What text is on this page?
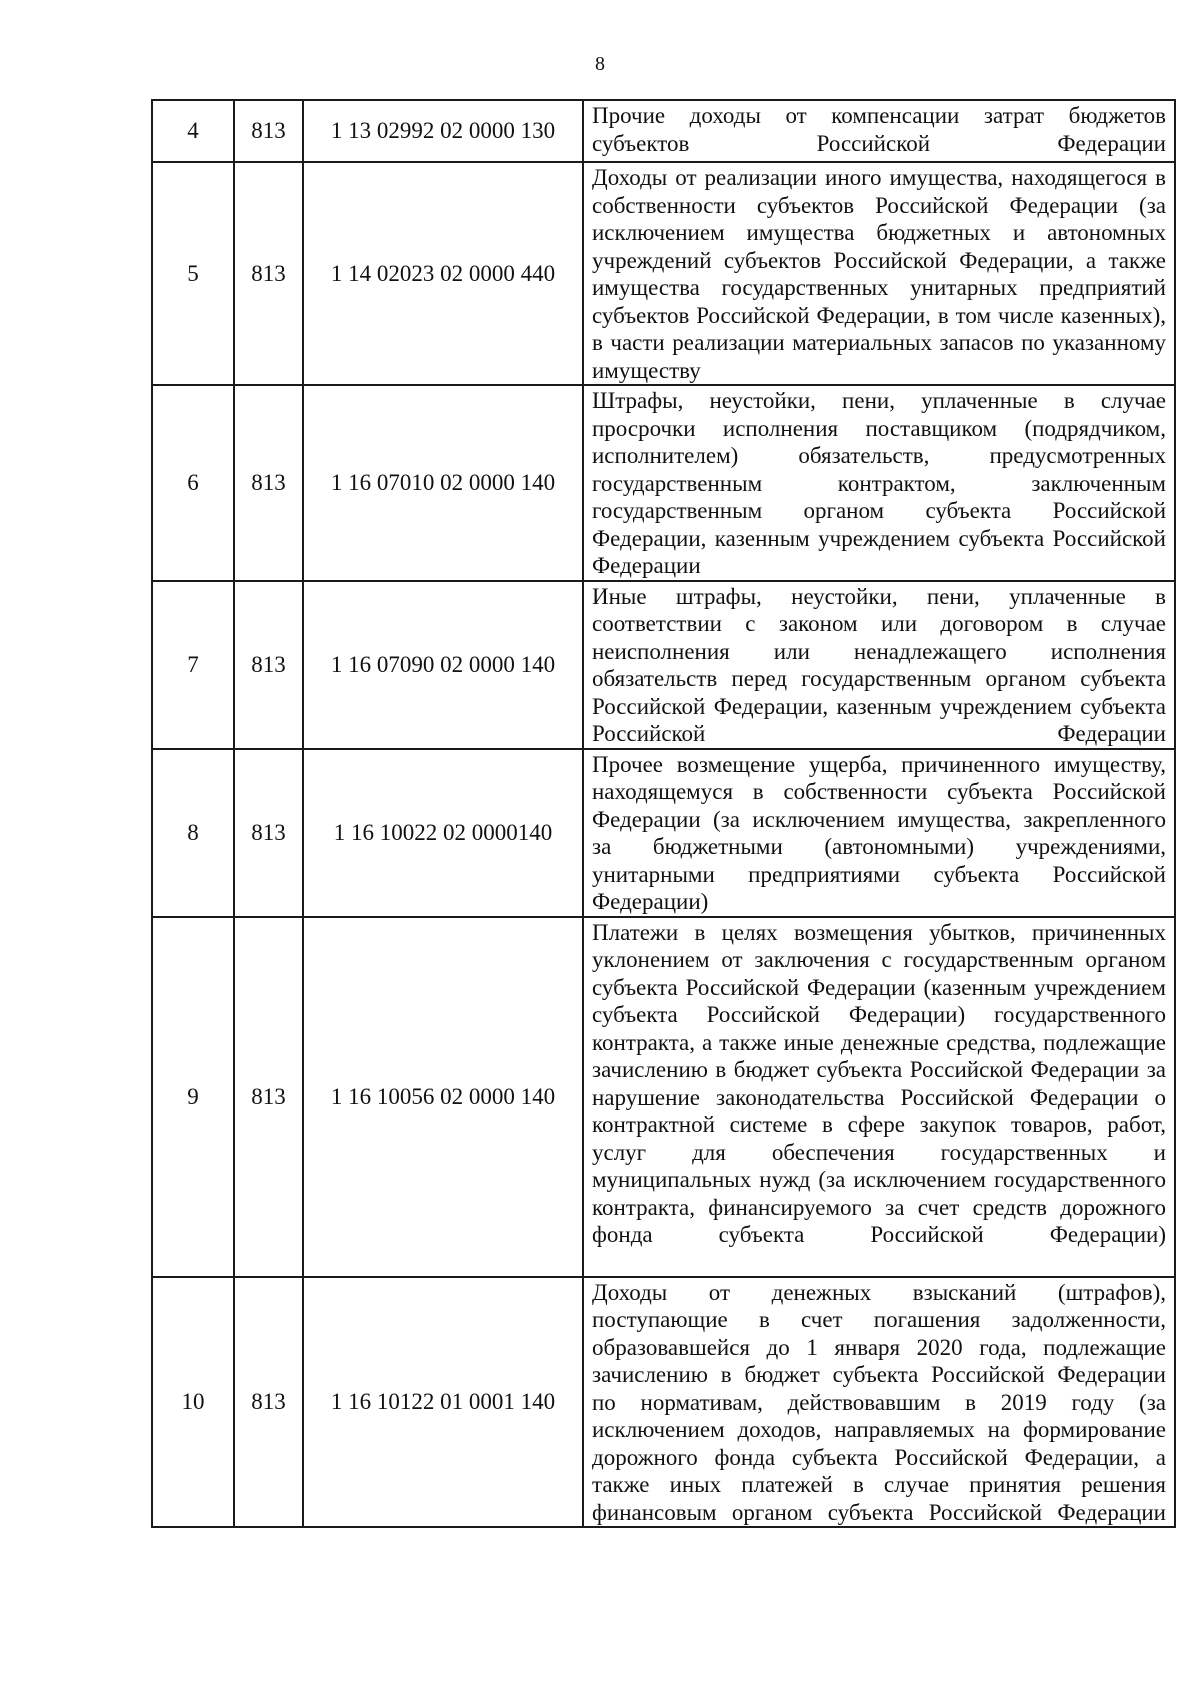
8
4	813	1 13 02992 02 0000 130	Прочие доходы от компенсации затрат бюджетов субъектов Российской Федерации
5	813	1 14 02023 02 0000 440	Доходы от реализации иного имущества, находящегося в собственности субъектов Российской Федерации (за исключением имущества бюджетных и автономных учреждений субъектов Российской Федерации, а также имущества государственных унитарных предприятий субъектов Российской Федерации, в том числе казенных), в части реализации материальных запасов по указанному имуществу
6	813	1 16 07010 02 0000 140	Штрафы, неустойки, пени, уплаченные в случае просрочки исполнения поставщиком (подрядчиком, исполнителем) обязательств, предусмотренных государственным контрактом, заключенным государственным органом субъекта Российской Федерации, казенным учреждением субъекта Российской Федерации
7	813	1 16 07090 02 0000 140	Иные штрафы, неустойки, пени, уплаченные в соответствии с законом или договором в случае неисполнения или ненадлежащего исполнения обязательств перед государственным органом субъекта Российской Федерации, казенным учреждением субъекта Российской Федерации
8	813	1 16 10022 02 0000140	Прочее возмещение ущерба, причиненного имуществу, находящемуся в собственности субъекта Российской Федерации (за исключением имущества, закрепленного за бюджетными (автономными) учреждениями, унитарными предприятиями субъекта Российской Федерации)
9	813	1 16 10056 02 0000 140	Платежи в целях возмещения убытков, причиненных уклонением от заключения с государственным органом субъекта Российской Федерации (казенным учреждением субъекта Российской Федерации) государственного контракта, а также иные денежные средства, подлежащие зачислению в бюджет субъекта Российской Федерации за нарушение законодательства Российской Федерации о контрактной системе в сфере закупок товаров, работ, услуг для обеспечения государственных и муниципальных нужд (за исключением государственного контракта, финансируемого за счет средств дорожного фонда субъекта Российской Федерации)
10	813	1 16 10122 01 0001 140	Доходы от денежных взысканий (штрафов), поступающие в счет погашения задолженности, образовавшейся до 1 января 2020 года, подлежащие зачислению в бюджет субъекта Российской Федерации по нормативам, действовавшим в 2019 году (за исключением доходов, направляемых на формирование дорожного фонда субъекта Российской Федерации, а также иных платежей в случае принятия решения финансовым органом субъекта Российской Федерации
